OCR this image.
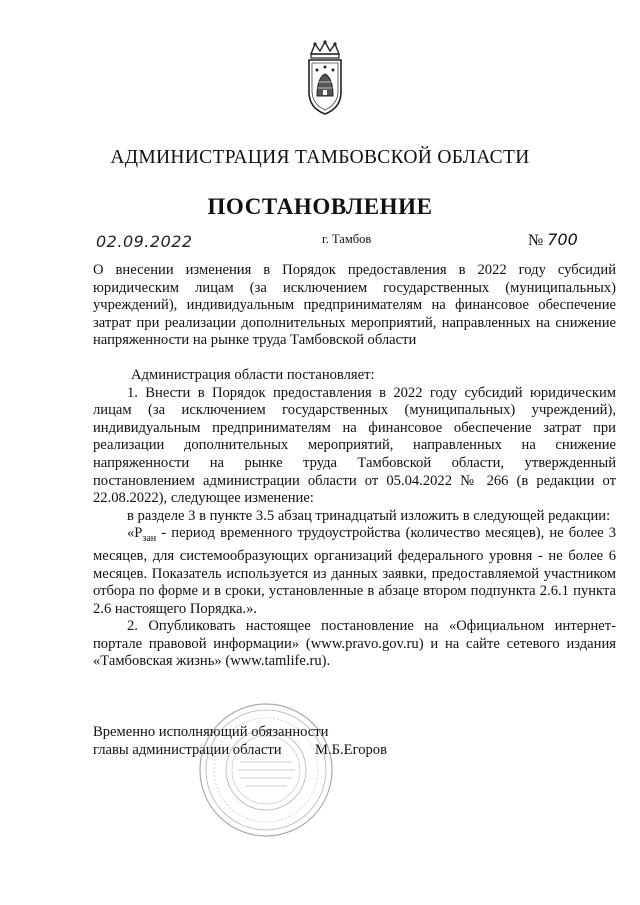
АДМИНИСТРАЦИЯ ТАМБОВСКОЙ ОБЛАСТИ
ПОСТАНОВЛЕНИЕ
02.09.2022	г. Тамбов	№ 700

О внесении изменения в Порядок предоставления в 2022 году субсидий юридическим лицам (за исключением государственных (муниципальных) учреждений), индивидуальным предпринимателям на финансовое обеспечение затрат при реализации дополнительных мероприятий, направленных на снижение напряженности на рынке труда Тамбовской области

Администрация области постановляет:

1. Внести в Порядок предоставления в 2022 году субсидий юридическим лицам (за исключением государственных (муниципальных) учреждений), индивидуальным предпринимателям на финансовое обеспечение затрат при реализации дополнительных мероприятий, направленных на снижение напряженности на рынке труда Тамбовской области, утвержденный постановлением администрации области от 05.04.2022 № 266 (в редакции от 22.08.2022), следующее изменение:

в разделе 3 в пункте 3.5 абзац тринадцатый изложить в следующей редакции:

«$P_{зан}$ - период временного трудоустройства (количество месяцев), не более 3 месяцев, для системообразующих организаций федерального уровня - не более 6 месяцев. Показатель используется из данных заявки, предоставляемой участником отбора по форме и в сроки, установленные в абзаце втором подпункта 2.6.1 пункта 2.6 настоящего Порядка.».

2. Опубликовать настоящее постановление на «Официальном интернет-портале правовой информации» (www.pravo.gov.ru) и на сайте сетевого издания «Тамбовская жизнь» (www.tamlife.ru).

Временно исполняющий обязанности
главы администрации области	М.Б.Егоров
